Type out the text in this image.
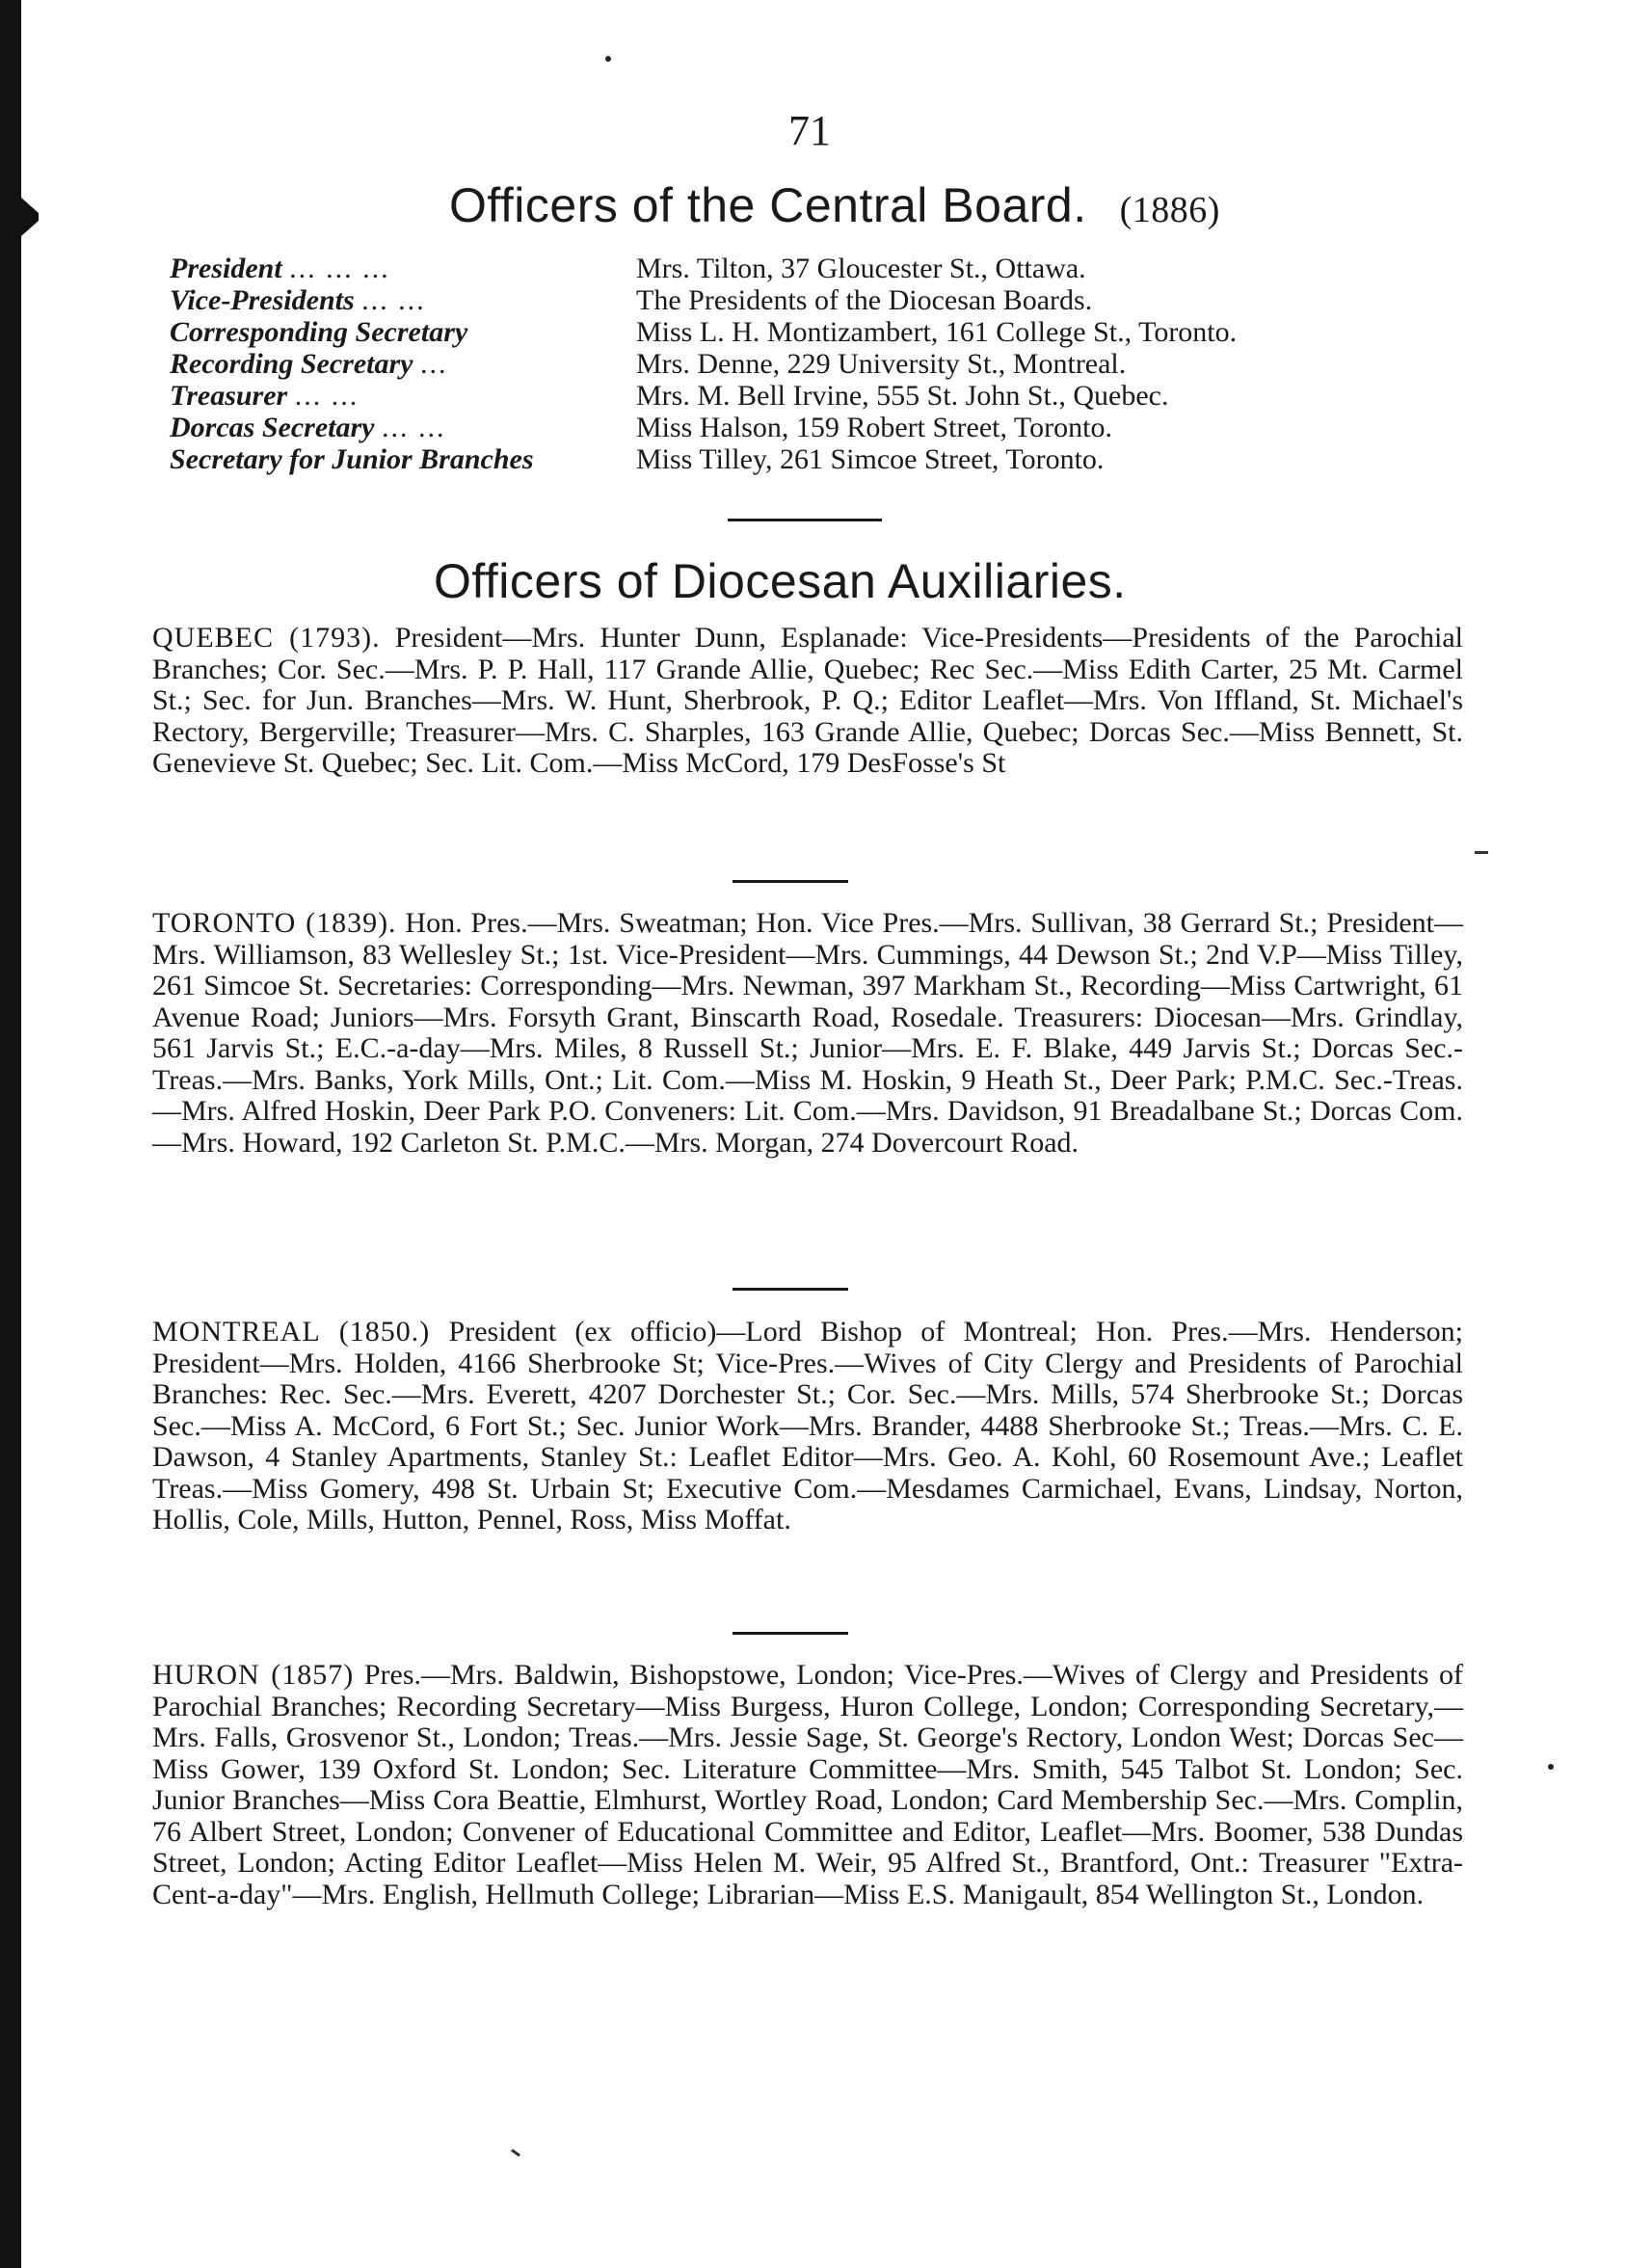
71
Officers of the Central Board. (1886)
President ... ... ...	Mrs. Tilton, 37 Gloucester St., Ottawa.
Vice-Presidents ... ...	The Presidents of the Diocesan Boards.
Corresponding Secretary	Miss L. H. Montizambert, 161 College St., Toronto.
Recording Secretary ...	Mrs. Denne, 229 University St., Montreal.
Treasurer ... ...	Mrs. M. Bell Irvine, 555 St. John St., Quebec.
Dorcas Secretary ... ...	Miss Halson, 159 Robert Street, Toronto.
Secretary for Junior Branches	Miss Tilley, 261 Simcoe Street, Toronto.
Officers of Diocesan Auxiliaries.
QUEBEC (1793). President—Mrs. Hunter Dunn, Esplanade: Vice-Presidents—Presidents of the Parochial Branches; Cor. Sec.—Mrs. P. P. Hall, 117 Grande Allie, Quebec; Rec Sec.—Miss Edith Carter, 25 Mt. Carmel St.; Sec. for Jun. Branches—Mrs. W. Hunt, Sherbrook, P. Q.; Editor Leaflet—Mrs. Von Iffland, St. Michael's Rectory, Bergerville; Treasurer—Mrs. C. Sharples, 163 Grande Allie, Quebec; Dorcas Sec.—Miss Bennett, St. Genevieve St. Quebec; Sec. Lit. Com.—Miss McCord, 179 DesFosse's St
TORONTO (1839). Hon. Pres.—Mrs. Sweatman; Hon. Vice Pres.—Mrs. Sullivan, 38 Gerrard St.; President—Mrs. Williamson, 83 Wellesley St.; 1st. Vice-President—Mrs. Cummings, 44 Dewson St.; 2nd V.P—Miss Tilley, 261 Simcoe St. Secretaries: Corresponding—Mrs. Newman, 397 Markham St., Recording—Miss Cartwright, 61 Avenue Road; Juniors—Mrs. Forsyth Grant, Binscarth Road, Rosedale. Treasurers: Diocesan—Mrs. Grindlay, 561 Jarvis St.; E.C.-a-day—Mrs. Miles, 8 Russell St.; Junior—Mrs. E. F. Blake, 449 Jarvis St.; Dorcas Sec.-Treas.—Mrs. Banks, York Mills, Ont.; Lit. Com.—Miss M. Hoskin, 9 Heath St., Deer Park; P.M.C. Sec.-Treas.—Mrs. Alfred Hoskin, Deer Park P.O. Conveners: Lit. Com.—Mrs. Davidson, 91 Breadalbane St.; Dorcas Com.—Mrs. Howard, 192 Carleton St. P.M.C.—Mrs. Morgan, 274 Dovercourt Road.
MONTREAL (1850.) President (ex officio)—Lord Bishop of Montreal; Hon. Pres.—Mrs. Henderson; President—Mrs. Holden, 4166 Sherbrooke St; Vice-Pres.—Wives of City Clergy and Presidents of Parochial Branches: Rec. Sec.—Mrs. Everett, 4207 Dorchester St.; Cor. Sec.—Mrs. Mills, 574 Sherbrooke St.; Dorcas Sec.—Miss A. McCord, 6 Fort St.; Sec. Junior Work—Mrs. Brander, 4488 Sherbrooke St.; Treas.—Mrs. C. E. Dawson, 4 Stanley Apartments, Stanley St.: Leaflet Editor—Mrs. Geo. A. Kohl, 60 Rosemount Ave.; Leaflet Treas.—Miss Gomery, 498 St. Urbain St; Executive Com.—Mesdames Carmichael, Evans, Lindsay, Norton, Hollis, Cole, Mills, Hutton, Pennel, Ross, Miss Moffat.
HURON (1857) Pres.—Mrs. Baldwin, Bishopstowe, London; Vice-Pres.—Wives of Clergy and Presidents of Parochial Branches; Recording Secretary—Miss Burgess, Huron College, London; Corresponding Secretary,—Mrs. Falls, Grosvenor St., London; Treas.—Mrs. Jessie Sage, St. George's Rectory, London West; Dorcas Sec—Miss Gower, 139 Oxford St. London; Sec. Literature Committee—Mrs. Smith, 545 Talbot St. London; Sec. Junior Branches—Miss Cora Beattie, Elmhurst, Wortley Road, London; Card Membership Sec.—Mrs. Complin, 76 Albert Street, London; Convener of Educational Committee and Editor, Leaflet—Mrs. Boomer, 538 Dundas Street, London; Acting Editor Leaflet—Miss Helen M. Weir, 95 Alfred St., Brantford, Ont.: Treasurer "Extra-Cent-a-day"—Mrs. English, Hellmuth College; Librarian—Miss E.S. Manigault, 854 Wellington St., London.
